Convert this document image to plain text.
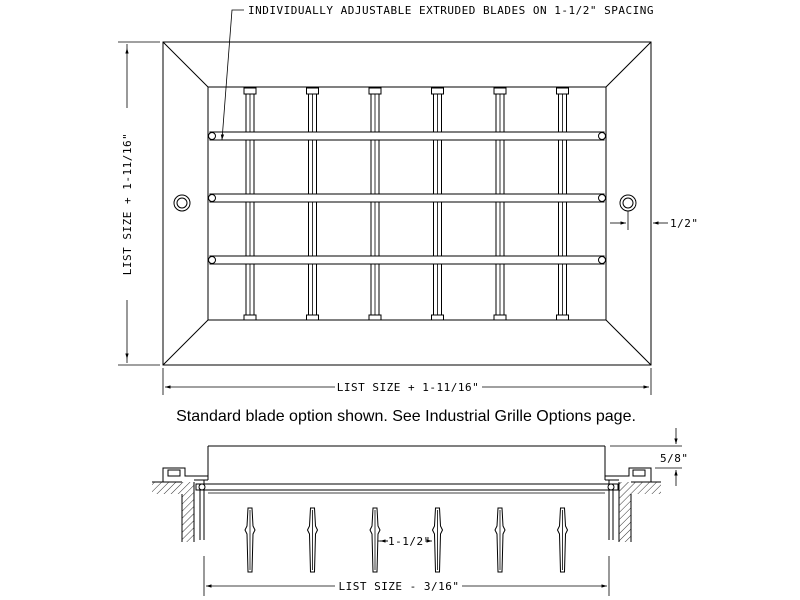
INDIVIDUALLY ADJUSTABLE EXTRUDED BLADES ON 1-1/2" SPACING
LIST SIZE + 1-11/16"
LIST SIZE + 1-11/16"
1/2"
Standard blade option shown. See Industrial Grille Options page.
5/8"
1-1/2"
LIST SIZE - 3/16"
